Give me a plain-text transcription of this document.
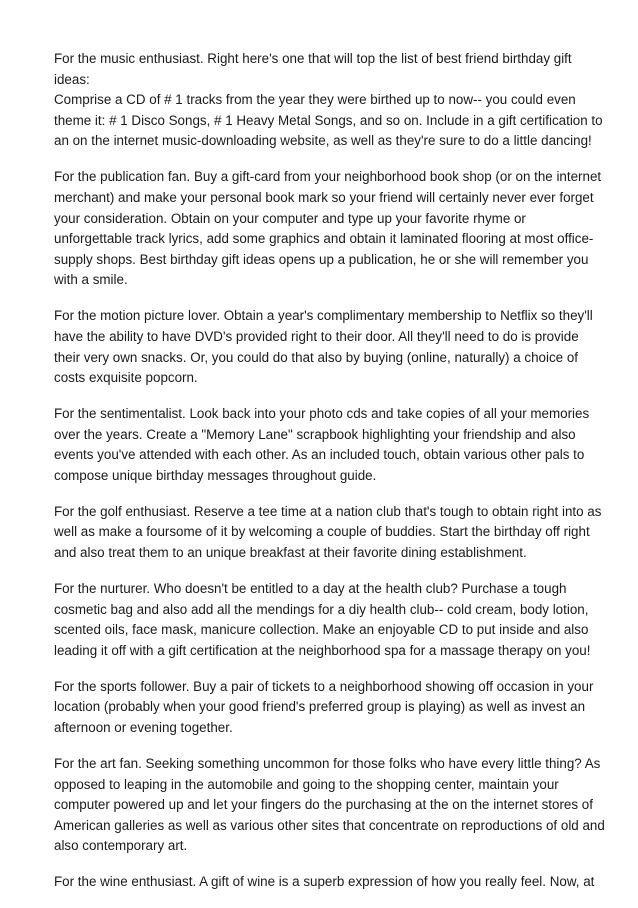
For the music enthusiast. Right here's one that will top the list of best friend birthday gift
ideas:
Comprise a CD of # 1 tracks from the year they were birthed up to now-- you could even
theme it: # 1 Disco Songs, # 1 Heavy Metal Songs, and so on. Include in a gift certification to
an on the internet music-downloading website, as well as they're sure to do a little dancing!

For the publication fan. Buy a gift-card from your neighborhood book shop (or on the internet
merchant) and make your personal book mark so your friend will certainly never ever forget
your consideration. Obtain on your computer and type up your favorite rhyme or
unforgettable track lyrics, add some graphics and obtain it laminated flooring at most office-
supply shops. Best birthday gift ideas opens up a publication, he or she will remember you
with a smile.

For the motion picture lover. Obtain a year's complimentary membership to Netflix so they'll
have the ability to have DVD's provided right to their door. All they'll need to do is provide
their very own snacks. Or, you could do that also by buying (online, naturally) a choice of
costs exquisite popcorn.

For the sentimentalist. Look back into your photo cds and take copies of all your memories
over the years. Create a "Memory Lane" scrapbook highlighting your friendship and also
events you've attended with each other. As an included touch, obtain various other pals to
compose unique birthday messages throughout guide.

For the golf enthusiast. Reserve a tee time at a nation club that's tough to obtain right into as
well as make a foursome of it by welcoming a couple of buddies. Start the birthday off right
and also treat them to an unique breakfast at their favorite dining establishment.

For the nurturer. Who doesn't be entitled to a day at the health club? Purchase a tough
cosmetic bag and also add all the mendings for a diy health club-- cold cream, body lotion,
scented oils, face mask, manicure collection. Make an enjoyable CD to put inside and also
leading it off with a gift certification at the neighborhood spa for a massage therapy on you!

For the sports follower. Buy a pair of tickets to a neighborhood showing off occasion in your
location (probably when your good friend's preferred group is playing) as well as invest an
afternoon or evening together.

For the art fan. Seeking something uncommon for those folks who have every little thing? As
opposed to leaping in the automobile and going to the shopping center, maintain your
computer powered up and let your fingers do the purchasing at the on the internet stores of
American galleries as well as various other sites that concentrate on reproductions of old and
also contemporary art.

For the wine enthusiast. A gift of wine is a superb expression of how you really feel. Now, at
